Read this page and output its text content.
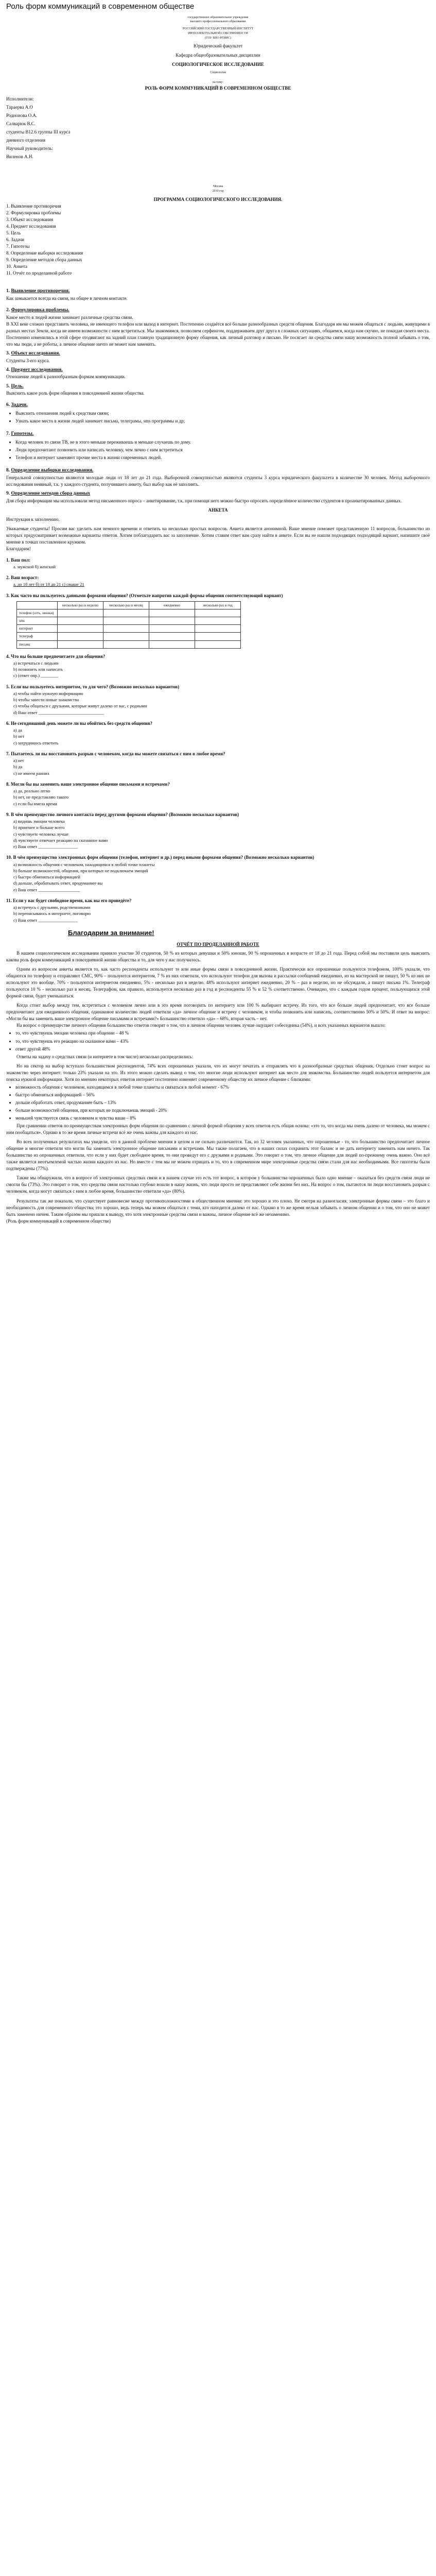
Роль форм коммуникаций в современном обществе

государственное образовательное учреждение

высшего профессионального образования

РОССИЙСКИЙ ГОСУДАРСТВЕННЫЙ ИНСТИТУТ

ИНТЕЛЛЕКТУАЛЬНОЙ СОБСТВЕННОСТИ

(ГОУ ВПО РГИИС)

Юридический факультет

Кафедра общеобразовательных дисциплин

СОЦИОЛОГИЧЕСКОЕ ИССЛЕДОВАНИЕ

Социология

на тему:

РОЛЬ ФОРМ КОММУНИКАЦИЙ В СОВРЕМЕННОМ ОБЩЕСТВЕ

Исполнители:

Тараерва А.О

Родионова О.А.

Салварюк В.С.

студенты В12.6 группы III курса

дневного отделения

Научный руководитель:

Виленов А.Н.

Москва

2010 год

ПРОГРАММА СОЦИОЛОГИЧЕСКОГО ИССЛЕДОВАНИЯ.

1. Выявление противоречия
2. Формулировка проблемы
3. Объект исследования
4. Предмет исследования
5. Цель
6. Задачи
7. Гипотезы
8. Определение выборки исследования
9. Определение методов сбора данных
10. Анкета
11. Отчёт по проделанной работе
1. Выявление противоречия.

Как замыкается всегда на связи, на общее в личном контакте.

2. Формулировка проблемы.

Какое место в людей жизни занимает различные средства связи.

В XXI веке сложно представить человека, не имеющего телефон или выход в интернет. Постепенно создаётся всё больше разнообразных средств общения. Благодаря им мы можем общаться с людьми, живущими в разных местах Земли, когда не имеем возможности с ним встретиться. Мы знакомимся, позволяем серфингом, поддерживаем друг друга в сложных ситуациях, общаемся, когда нам скучно, не покидая своего места. Постепенно изменились в этой сфере отодвигают на задний план главную традиционную форму общения, как личный разговор и письмо. Не посягает ли средства связи нашу возможность полной забывать о том, что мы люди, а не роботы, а личное общение ничто не может нам заменить.

3. Объект исследования.

Студенты 3-его курса.

4. Предмет исследования.

Отношение людей к разнообразным формам коммуникации.

5. Цель.

Выяснить какое роль форм общения в повседневной жизни общества.

6. Задачи.
• Выяснить отношения людей к средствам связи;
• Узнать какое место в жизни людей занимает письма, телеграмы, sms программы и др;
7. Гипотезы.
• Когда человек то связи ТВ, не в этого меньше переживаешь и меньше случаешь по дому.
• Люди предпочитают позвонить или написать человеку, чем лично с ним встретиться
• Телефон и интернет заменяют прочие места в жизни современных людей.
8. Определение выборки исследования.

Генеральной совокупностью являются молодые люди от 18 лет до 21 года. Выборочной совокупностью являются студенты 3 курса юридического факультета в количестве 30 человек. Метод выборочного исследования неявный, т.к. у каждого студента, получившего анкету, был выбор как её заполнять.

9. Определение методов сбора данных

Для сбора информации мы использовали метод письменного опроса – анкетирование, т.к. при помощи него можно быстро опросить определённое количество студентов в проанкетированных данных.

АНКЕТА

Инструкция к заполнению.

Уважаемые студенты! Просим вас уделить нам немного времени и ответить на несколько простых вопросов. Анкета является анонимной. Ваше мнение поможет представленную 11 вопросов, большинство из которых предусматривает возможные варианты ответов. Хотим поблагодарить вас за заполнение. Хотим ставим ответ вам сразу найти в анкете. Если вы не нашли подходящих подходящий вариант, напишите своё мнение в точках поставленное кружком.

Благодарим!

1. Ваш пол:
a. мужской б) женский
2. Ваш возраст:
a. до 18 лет б) от 18 до 21 с) свыше 21
3. Как часто вы пользуетесь данными формами общения? (Отметьте напротив каждой формы общения соответствующий вариант)
	несколько раз в неделю	несколько раз в месяц	ежедневно	несколько раз в год
телефон (сеть, звонки)				
sms				
интернет				
телеграф				
письма				
4. Что вы больше предпочитаете для общения?
a) встречаться с людьми
b) позвонить или написать
c) (ответ опр.) ________
5. Если вы пользуетесь интернетом, то для чего? (Возможно несколько вариантов)
a) чтобы найти нужную информацию
b) чтобы завести новые знакомства
c) чтобы общаться с друзьями, которые живут далеко от вас, с родными
d) Ваш ответ ______________________________
6. Не сегодняшний день можете ли вы обойтись без средств общения?
a) да
b) нет
c) затрудняюсь ответить
7. Пытаетесь ли вы восстановить разрыв с человеком, когда вы можете связаться с ним в любое время?
a) нет
b) да
c) не имеем ранних
8. Могли бы вы заменить ваше электронное общение письмами и встречами?
a) да, реально легко
b) нет, не представляю такого
c) если бы имела время
9. В чём преимущество личного контакта перед другими формами общения? (Возможно несколько вариантов)
a) видишь эмоции человека
b) приятнее и больше всего
c) чувствуете человека лучше
d) чувствуете отвечает реакцию на сказанное вами
e) Ваш ответ __________________
10. В чём преимущество электронных форм общения (телефон, интернет и др.) перед иными формами общения? (Возможно несколько вариантов)
a) возможность общения с человеком, находящимся в любой точке планеты
b) больше возможностей, общения, при которых не подключаем эмоций
c) быстро обменяться информацией
d) дольше, обрабатывать ответ, продуманнее вы
e) Ваш ответ ___________________
11. Если у вас будет свободное время, как вы его проведёте?
a) встречусь с друзьями, родственниками
b) переписываюсь в интернете, поговорю
c) Ваш ответ __________________
Благодарим за внимание!

ОТЧЁТ ПО ПРОДЕЛАННОЙ РАБОТЕ

В нашем социологическом исследовании приняло участие 30 студентов, 50 % из которых девушки и 50% юноши, 90 % опрошенных в возрасте от 18 до 21 года. Перед собой мы поставили цель выяснить какова роль форм коммуникаций в повседневной жизни общества и то, для чего у нас получилось.

Одним из вопросом анкеты является то, как часто респонденты используют те или иные формы связи в повседневной жизни. Практически все опрошенные пользуются телефоном, 100% указали, что общаются по телефону и отправляют СМС, 90% – пользуются интернетом, 7 % из них отметили, что используют телефон для вызова и рассылки сообщений ежедневно, из на мастерской не пишут, 50 % из них не используют это вообще. 70% - пользуются интернетом ежедневно, 5% - несколько раз в неделю. 48% используют интернет ежедневно, 20 % – раз в неделю, но не обсуждали, а пишут письма 1%. Телеграф пользуются 10 % - несколько раз в месяц. Телеграфом, как правило, используется несколько раз в год и респонденты 55 % и 52 % соответственно. Очевидно, что с каждым годом процент, пользующихся этой формой связи, будет уменьшаться.

Когда стоит выбор между тем, встретиться с человеком лично или в это время поговорить по интернету или 100 % выбирают встречу. Из того, что все больше людей предпочитает, что все больше предпочитают для ежедневного общения, одинаковое количество людей ответили «да» личное общение и встречу с человеком, и чтобы позвонить или написать, соответственно 50% и 50%. И ответ на вопрос: «Могли бы вы заменить ваше электронное общение письмами и встречами?» Большинство ответило «да» – 68%, вторая часть – нет.

На вопрос о преимуществе личного общения большинство ответов говорят о том, что в личном общении человек лучше ощущает собеседника (54%), и всех указанных вариантов вышло:

• то, что чувствуешь эмоции человека при общении – 48 %
• то, что чувствуешь его реакцию на сказанное вами – 43%
• ответ другой 48%

Ответы на задачу о средствах связи (и интернете в том числе) несколько распределились:

Но на сектор на выбор вступало большинством респондентов, 74% всех опрошенных указали, что их могут печатать и отправлять что в разнообразные средствах общения. Отдельно стоит вопрос на знакомство через интернет: только 23% указали на это. Из этого можно сделать вывод о том, что многие люди используют интернет как место для знакомства. Большинство людей пользуется интернетом для поиска нужной информации. Хотя по мнению некоторых ответов интернет постепенно изменяет современному обществу их личное общение с близкими:

• возможность общения с человеком, находящимся в любой точке планеты и связаться в любой момент - 67%
• быстро обменяться информацией – 56%
• дольше обработать ответ, продуманнее быть – 13%
• больше возможностей общения, при которых не подключаешь эмоций - 20%
• меньшей чувствуется связь с человеком и чувства ваши – 8%

При сравнении ответов по преимуществам электронных форм общения по сравнению с личной формой общения у всех ответов есть общая основа: «это то, что когда мы очень далеко от человека, мы можем с ним пообщаться». Однако в то же время личные встречи всё же очень важны для каждого из нас.

Во всех полученных результатах мы увидели, что в данной проблеме мнения в целом и не сильно различаются. Так, из 32 человек указанных, что опрошенные - то, что большинство предпочитает личное общение и многие ответили что могли бы заменить электронное общение письмами и встречами. Мы также полагаем, что в наших силах сохранить этот баланс и не дать интернету заменить нам ничего. Так большинство из опрошенных ответили, что если у них будет свободное время, то они проведут его с друзьями и родными. Это говорит о том, что личное общение для людей по-прежнему очень важно. Оно всё также является неотъемлемой частью жизни каждого из нас. Но вместе с тем мы не можем отрицать и то, что в современном мире электронные средства связи стали для нас необходимыми. Все гипотезы были подтверждены (77%).

Также мы обнаружили, что в вопросе об электронных средствах связи и в нашем случае это есть тот вопрос, в котором у большинства опрошенных было одно мнение – оказаться без средств связи люди не смогли бы (73%). Это говорит о том, что средства связи настолько глубоко вошли в нашу жизнь, что люди просто не представляют себе жизни без них. На вопрос о том, пытаются ли люди восстановить разрыв с человеком, когда могут связаться с ним в любое время, большинство ответили «да» (80%).

Результаты так же показали, что существует равновесие между противоположностями в общественном мнении: это хорошо и это плохо. Не смотря на разногласия, электронные формы связи – это благо и необходимость для современного общества; это хорошо, ведь теперь мы можем общаться с теми, кто находится далеко от нас. Однако в то же время нельзя забывать о личном общении и о том, что оно не может быть заменено ничем. Таким образом мы пришли к выводу, что хотя электронные средства связи и важны, личное общение всё же незаменимо.

(Роль форм коммуникаций в современном обществе)
